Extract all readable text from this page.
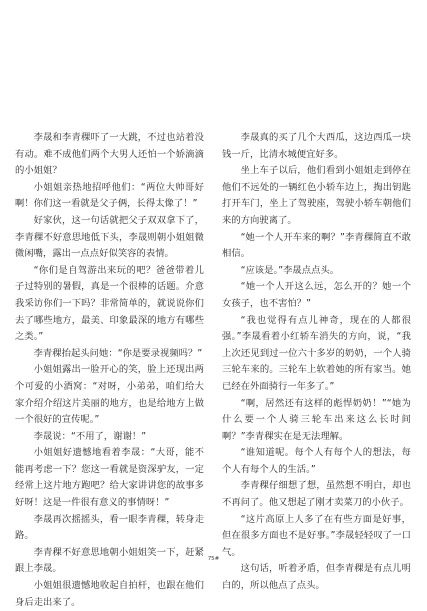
李晟和李青稞吓了一大跳，不过也站着没有动。难不成他们两个大男人还怕一个娇滴滴的小姐姐？

小姐姐亲热地招呼他们：“两位大帅哥好啊！你们这一看就是父子俩，长得太像了！”

好家伙，这一句话就把父子双双拿下了，李青稞不好意思地低下头，李晟则朝小姐姐微微闲嘴，露出一点点好似笑容的表情。

“你们是自驾游出来玩的吧？爸爸带着儿子过特别的暑假，真是一个很棒的话题。介意我采访你们一下吗？非常简单的，就说说你们去了哪些地方，最美、印象最深的地方有哪些之类。”

李青稞抬起头问她：“你是要录视频吗？”

小姐姐露出一脸开心的笑，脸上还现出两个可爱的小酒窝：“对呀，小弟弟，咱们给大家介绍介绍这片美丽的地方，也是给地方上做一个很好的宣传呢。”

李晟说：“不用了，谢谢！”

小姐姐好遗憾地看着李晟：“大哥，能不能再考虑一下？您这一看就是资深驴友，一定经常上这片地方跑吧？给大家讲讲您的故事多好呀！这是一件很有意义的事情呀！”

李晟再次摇摇头，看一眼李青稞，转身走路。

李青稞不好意思地朝小姐姐笑一下，赶紧跟上李晟。

小姐姐很遗憾地收起自拍杆，也跟在他们身后走出来了。

李晟真的买了几个大西瓜，这边西瓜一块钱一斤，比清水城便宜好多。

坐上车子以后，他们看到小姐姐走到停在他们不远处的一辆红色小轿车边上，掏出钥匙打开车门，坐上了驾驶座，驾驶小轿车朝他们来的方向驶离了。

“她一个人开车来的啊？”李青稞简直不敢相信。

“应该是。”李晟点点头。

“她一个人开这么远，怎么开的？她一个女孩子，也不害怕？”

“我也觉得有点儿神奇，现在的人都很强。”李晟看着小红轿车消失的方向，说，“我上次还见到过一位六十多岁的奶奶，一个人骑三轮车来的。三轮车上软着她的所有家当。她已经在外面骑行一年多了。”

“啊，居然还有这样的彪悍奶奶！”“她为什么要一个人骑三轮车出来这么长时间啊？”李青稞实在是无法理解。

“谁知道呢。每个人有每个人的想法，每个人有每个人的生活。”

李青稞仔细想了想，虽然想不明白，却也不再问了。他又想起了刚才卖菜刀的小伙子。

“这片高原上人多了在有些方面是好事，但在很多方面也不是好事。”李晟轻轻叹了一口气。

这句话，听着矛盾，但李青稞是有点儿明白的，所以他点了点头。

75#
